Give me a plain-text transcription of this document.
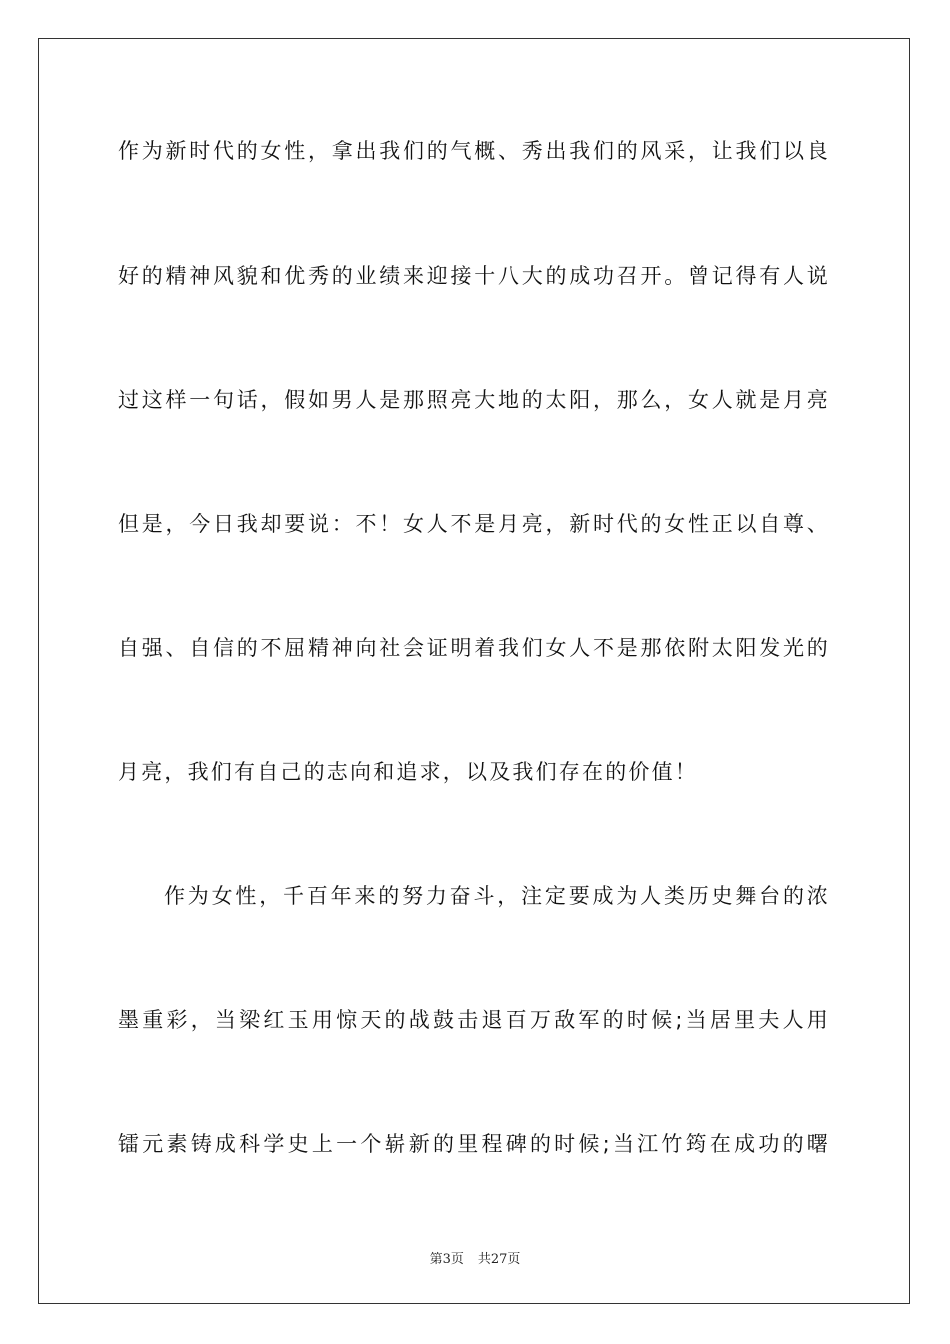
作为新时代的女性，拿出我们的气概、秀出我们的风采，让我们以良
好的精神风貌和优秀的业绩来迎接十八大的成功召开。曾记得有人说
过这样一句话，假如男人是那照亮大地的太阳，那么，女人就是月亮
但是，今日我却要说：不！女人不是月亮，新时代的女性正以自尊、
自强、自信的不屈精神向社会证明着我们女人不是那依附太阳发光的
月亮，我们有自己的志向和追求，以及我们存在的价值！
作为女性，千百年来的努力奋斗，注定要成为人类历史舞台的浓
墨重彩，当梁红玉用惊天的战鼓击退百万敌军的时候;当居里夫人用
镭元素铸成科学史上一个崭新的里程碑的时候;当江竹筠在成功的曙
第3页 共27页
